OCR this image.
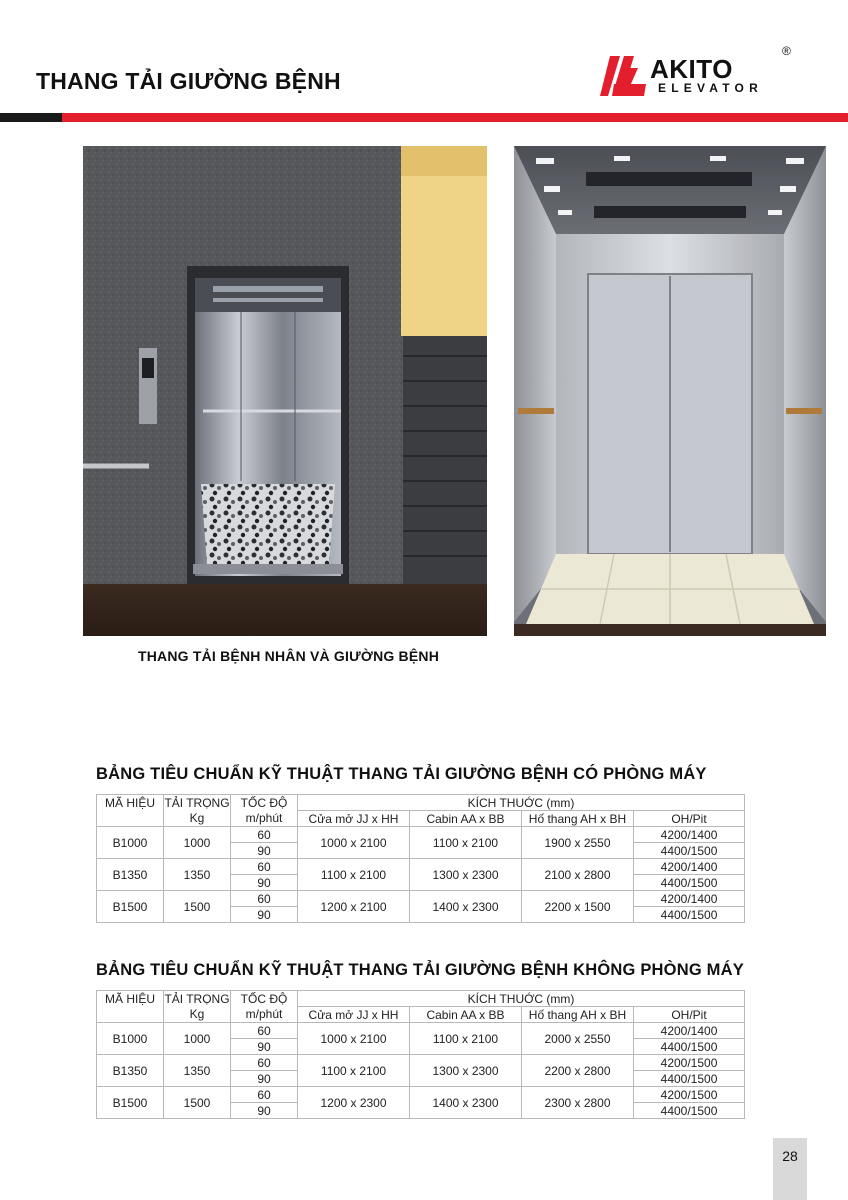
THANG TẢI GIƯỜNG BỆNH	AKITO
ELEVATOR
®
THANG TẢI BỆNH NHÂN VÀ GIƯỜNG BỆNH
BẢNG TIÊU CHUẨN KỸ THUẬT THANG TẢI GIƯỜNG BỆNH CÓ PHÒNG MÁY
MÃ HIỆU	TẢI TRỌNG	TỐC ĐỘ	KÍCH THUỚC (mm)			
	Kg	m/phút	Cửa mở JJ x HH	Cabin AA x BB	Hố thang AH x BH	OH/Pit
B1000	1000	60	1000 x 2100	1100 x 2100	1900 x 2550	4200/1400
		90				4400/1500
B1350	1350	60	1100 x 2100	1300 x 2300	2100 x 2800	4200/1400
		90				4400/1500
B1500	1500	60	1200 x 2100	1400 x 2300	2200 x 1500	4200/1400
		90				4400/1500
BẢNG TIÊU CHUẨN KỸ THUẬT THANG TẢI GIƯỜNG BỆNH KHÔNG PHÒNG MÁY
MÃ HIỆU	TẢI TRỌNG	TỐC ĐỘ	KÍCH THUỚC (mm)			
	Kg	m/phút	Cửa mở JJ x HH	Cabin AA x BB	Hố thang AH x BH	OH/Pit
B1000	1000	60	1000 x 2100	1100 x 2100	2000 x 2550	4200/1400
		90				4400/1500
B1350	1350	60	1100 x 2100	1300 x 2300	2200 x 2800	4200/1500
		90				4400/1500
B1500	1500	60	1200 x 2300	1400 x 2300	2300 x 2800	4200/1500
		90				4400/1500
28
